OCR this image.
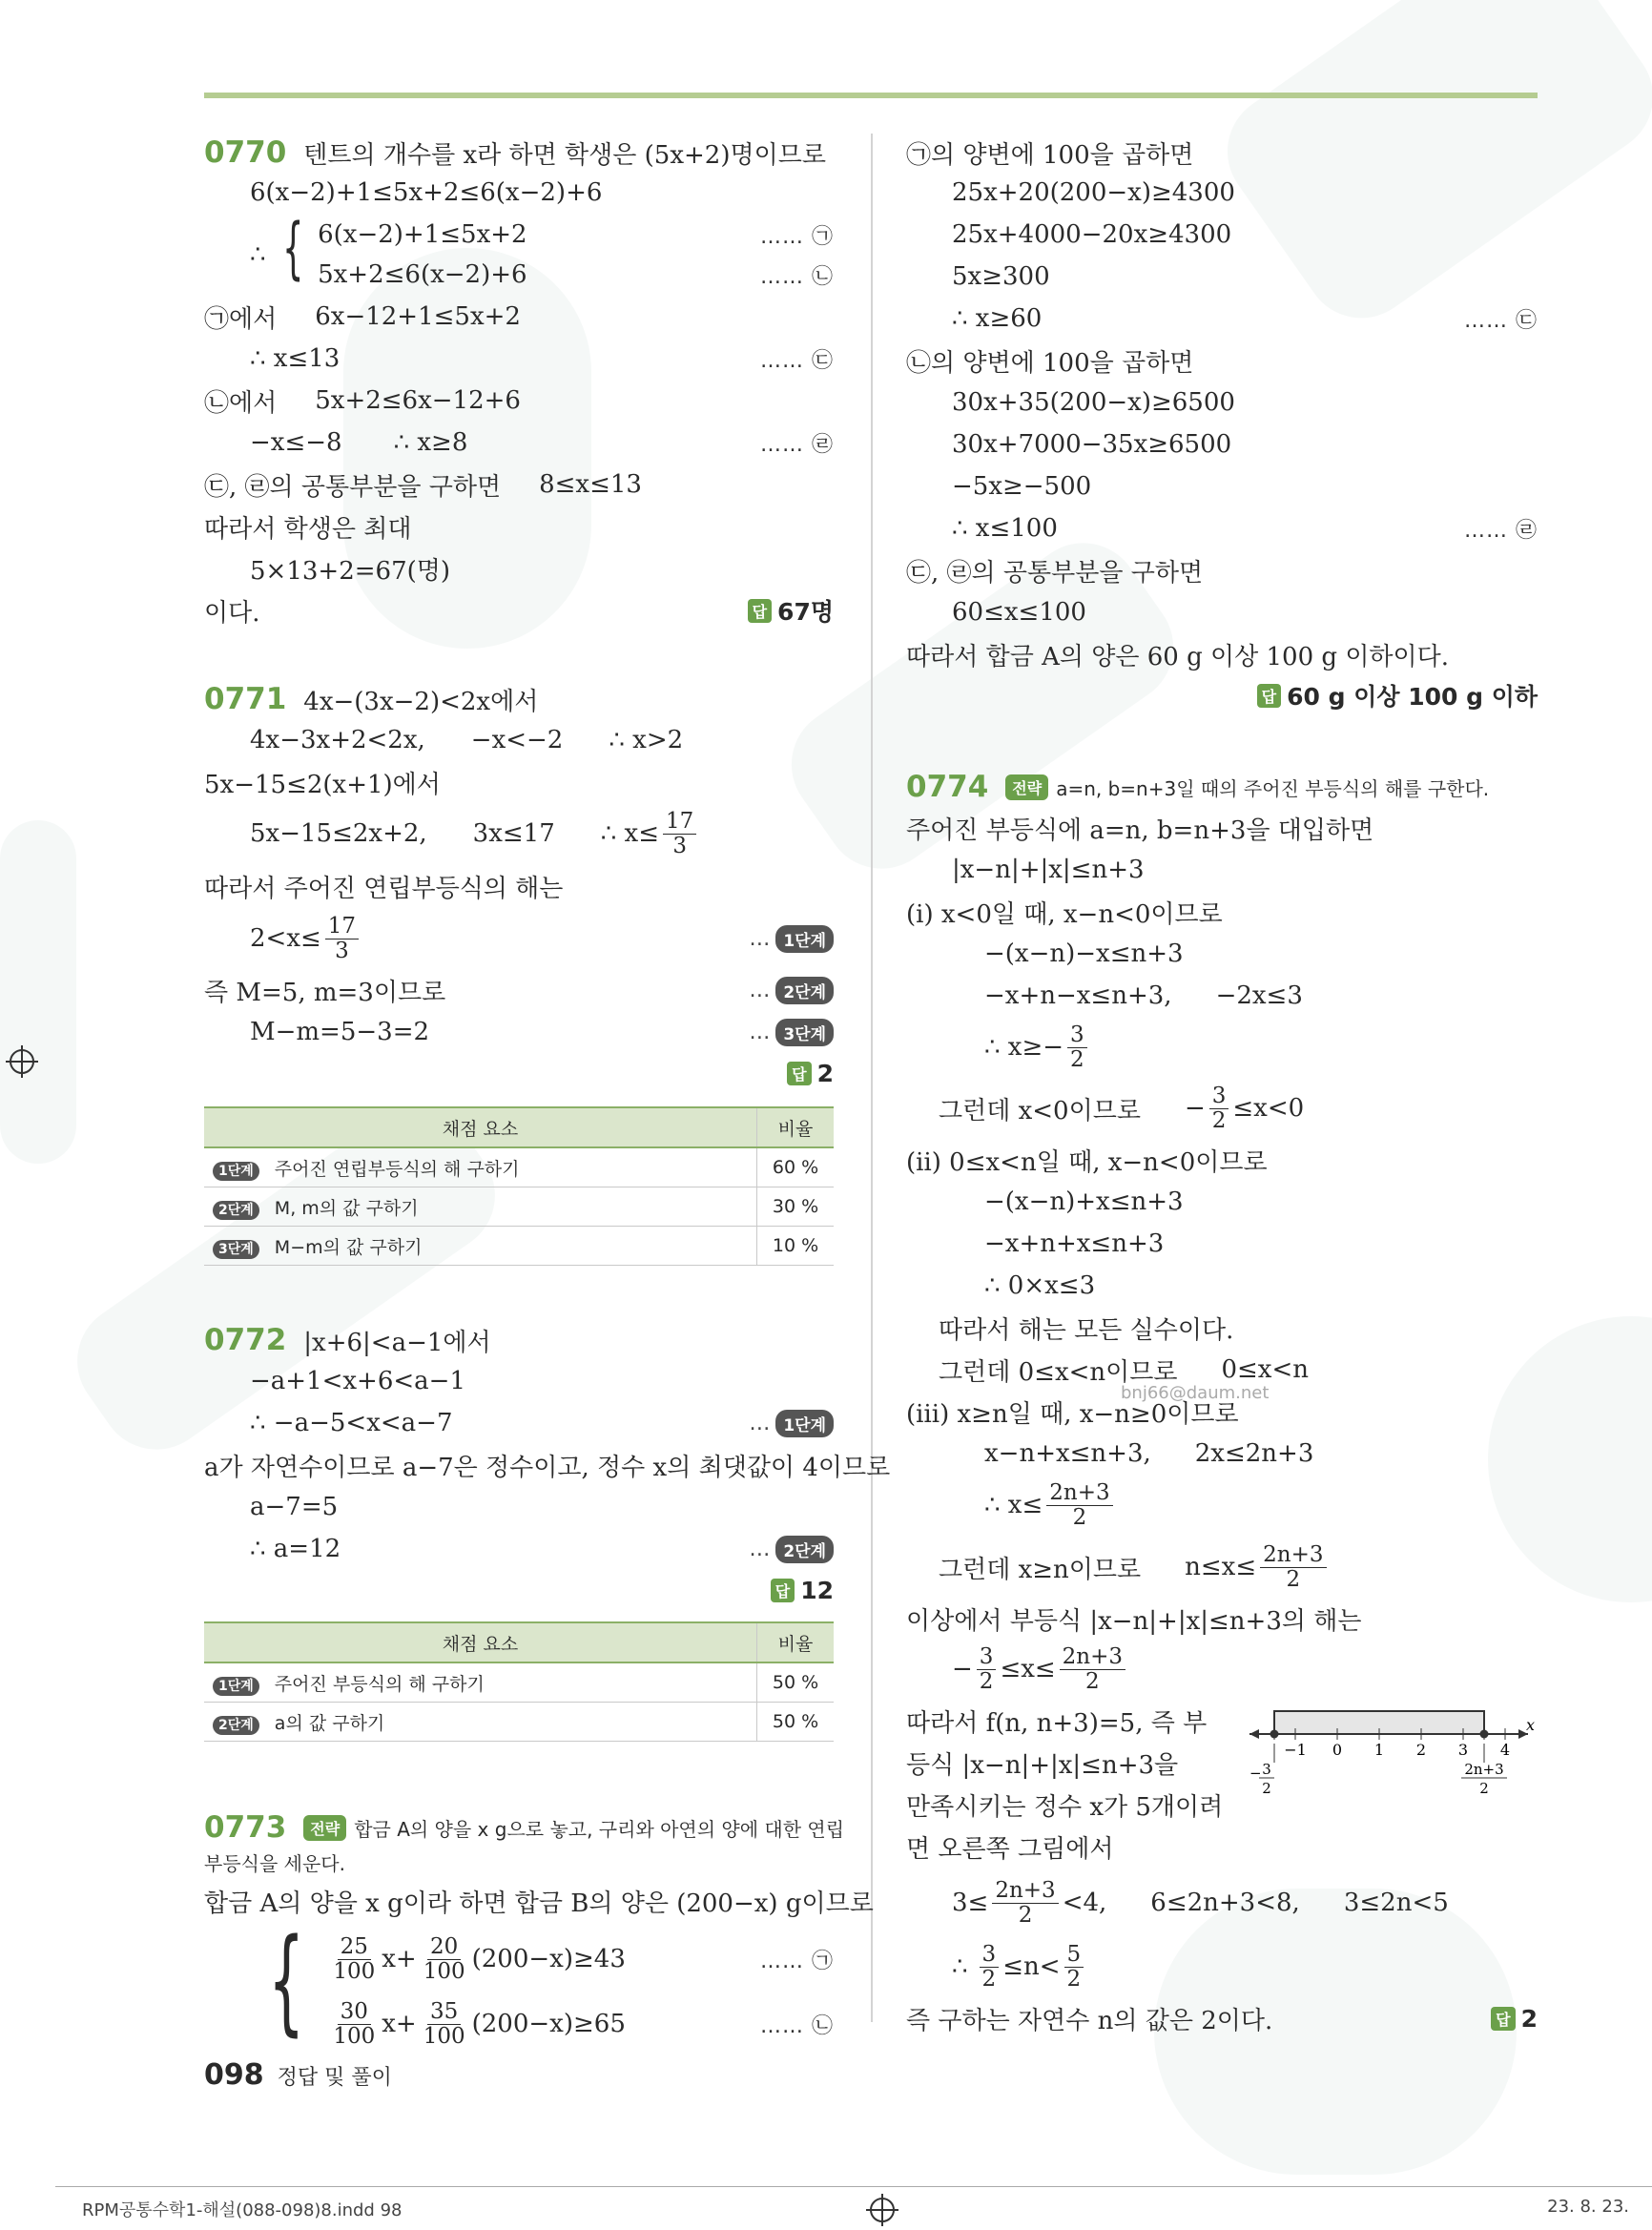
0770 텐트의 개수를 x라 하면 학생은 (5x+2)명이므로
6(x−2)+1≤5x+2≤6(x−2)+6
∴ { 6(x−2)+1≤5x+2	…… ㉠
5x+2≤6(x−2)+6	…… ㉡
㉠에서 6x−12+1≤5x+2
∴ x≤13	…… ㉢
㉡에서 5x+2≤6x−12+6
−x≤−8 ∴ x≥8	…… ㉣
㉢, ㉣의 공통부분을 구하면 8≤x≤13
따라서 학생은 최대
5×13+2=67(명)
이다.	답 67명
0771 4x−(3x−2)<2x에서
4x−3x+2<2x, −x<−2 ∴ x>2
5x−15≤2(x+1)에서
5x−15≤2x+2, 3x≤17 ∴ $x\le \frac{17}{3}$
따라서 주어진 연립부등식의 해는
$2<x\le \frac{17}{3}$	… 1단계
즉 M=5, m=3이므로	… 2단계
M−m=5−3=2	… 3단계
답 2
채점 요소	비율
1단계 주어진 연립부등식의 해 구하기	60 %
2단계 M, m의 값 구하기	30 %
3단계 M−m의 값 구하기	10 %
0772 |x+6|<a−1에서
−a+1<x+6<a−1
∴ −a−5<x<a−7	… 1단계
a가 자연수이므로 a−7은 정수이고, 정수 x의 최댓값이 4이므로
a−7=5
∴ a=12	… 2단계
답 12
채점 요소	비율
1단계 주어진 부등식의 해 구하기	50 %
2단계 a의 값 구하기	50 %
0773	전략 합금 A의 양을 x g으로 놓고, 구리와 아연의 양에 대한 연립
부등식을 세운다.
합금 A의 양을 x g이라 하면 합금 B의 양은 (200−x) g이므로
{ $\frac{25}{100} x+ \frac{20}{100} (200-x)\ge 43$	…… ㉠
$\frac{30}{100} x+ \frac{35}{100} (200-x)\ge 65$	…… ㉡
㉠의 양변에 100을 곱하면
25x+20(200−x)≥4300
25x+4000−20x≥4300
5x≥300
∴ x≥60	…… ㉢
㉡의 양변에 100을 곱하면
30x+35(200−x)≥6500
30x+7000−35x≥6500
−5x≥−500
∴ x≤100	…… ㉣
㉢, ㉣의 공통부분을 구하면
60≤x≤100
따라서 합금 A의 양은 60 g 이상 100 g 이하이다.
답 60 g 이상 100 g 이하
0774	전략 a=n, b=n+3일 때의 주어진 부등식의 해를 구한다.
주어진 부등식에 a=n, b=n+3을 대입하면
|x−n|+|x|≤n+3
(ⅰ) x<0일 때, x−n<0이므로
−(x−n)−x≤n+3
−x+n−x≤n+3, −2x≤3
∴ $x\ge- \frac{3}{2}$
그런데 x<0이므로 − $\frac{3}{2} \le x<0$
(ⅱ) 0≤x<n일 때, x−n<0이므로
−(x−n)+x≤n+3
−x+n+x≤n+3
∴ 0×x≤3
따라서 해는 모든 실수이다.
그런데 0≤x<n이므로 0≤x<n
(ⅲ) x≥n일 때, x−n≥0이므로
x−n+x≤n+3, 2x≤2n+3
∴ $x\le \frac{2n+3}{2}$
그런데 x≥n이므로 $n\le x\le \frac{2n+3}{2}$
이상에서 부등식 |x−n|+|x|≤n+3의 해는
− $\frac{3}{2} \le x\le \frac{2n+3}{2}$
따라서 f(n, n+3)=5, 즉 부
등식 |x−n|+|x|≤n+3을
만족시키는 정수 x가 5개이려
면 오른쪽 그림에서
$3\le \frac{2n+3}{2} <4$, 6≤2n+3<8, 3≤2n<5
∴ $\frac{3}{2} \le n< \frac{5}{2}$
즉 구하는 자연수 n의 값은 2이다.	답 2
−1 0 1 2 3 4
x
− 3
2
2n+3
2
bnj66@daum.net
098 정답 및 풀이
RPM공통수학1-해설(088-098)8.indd 98	23. 8. 23.
